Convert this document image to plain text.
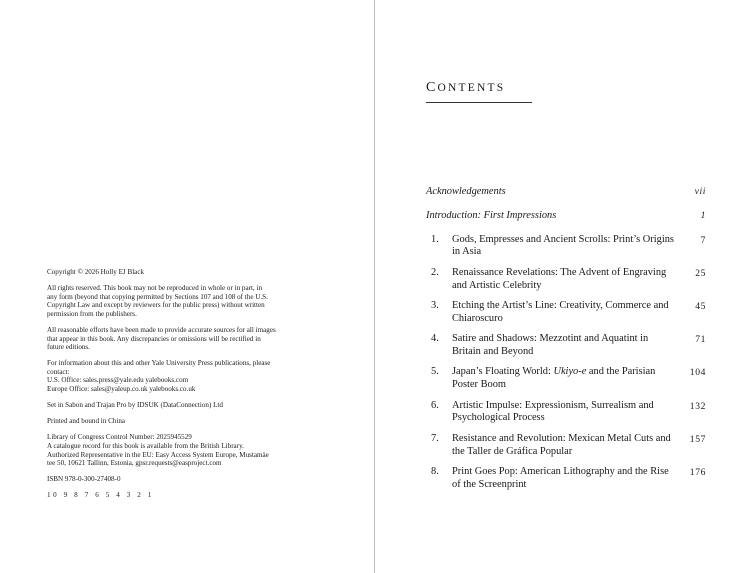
Copyright © 2026 Holly EJ Black

All rights reserved. This book may not be reproduced in whole or in part, in
any form (beyond that copying permitted by Sections 107 and 108 of the U.S.
Copyright Law and except by reviewers for the public press) without written
permission from the publishers.

All reasonable efforts have been made to provide accurate sources for all images
that appear in this book. Any discrepancies or omissions will be rectified in
future editions.

For information about this and other Yale University Press publications, please
contact:
U.S. Office: sales.press@yale.edu yalebooks.com
Europe Office: sales@yaleup.co.uk yalebooks.co.uk

Set in Sabon and Trajan Pro by IDSUK (DataConnection) Ltd

Printed and bound in China

Library of Congress Control Number: 2025945529
A catalogue record for this book is available from the British Library.
Authorized Representative in the EU: Easy Access System Europe, Mustamäe
tee 50, 10621 Tallinn, Estonia, gpsr.requests@easproject.com

ISBN 978-0-300-27408-0

10 9 8 7 6 5 4 3 2 1

CONTENTS
Acknowledgements	vii
Introduction: First Impressions	1
1. Gods, Empresses and Ancient Scrolls: Print’s Origins in Asia
7
2. Renaissance Revelations: The Advent of Engraving and Artistic Celebrity
25
3. Etching the Artist’s Line: Creativity, Commerce and Chiaroscuro
45
4. Satire and Shadows: Mezzotint and Aquatint in Britain and Beyond
71
5. Japan’s Floating World: Ukiyo-e and the Parisian Poster Boom
104
6. Artistic Impulse: Expressionism, Surrealism and Psychological Process
132
7. Resistance and Revolution: Mexican Metal Cuts and the Taller de Gráfica Popular
157
8. Print Goes Pop: American Lithography and the Rise of the Screenprint
176
